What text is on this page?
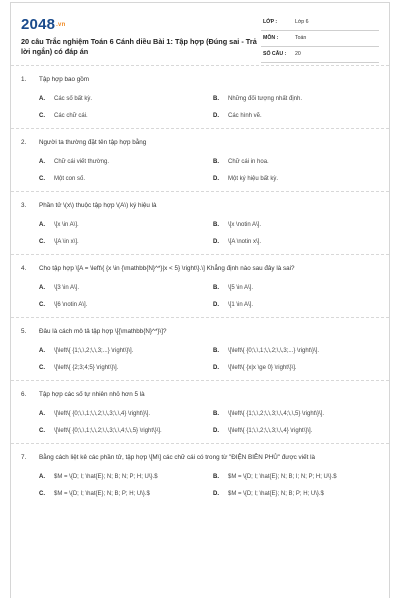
$2048^{.vn}$
20 câu Trắc nghiệm Toán 6 Cánh diều Bài 1: Tập hợp (Đúng sai - Trả lời ngắn) có đáp án
LỚP :	Lớp 6
MÔN :	Toán
SỐ CÂU : 20
1. Tập hợp bao gồm
A. Các số bất kỳ.	B. Những đối tượng nhất định.
C. Các chữ cái.	D. Các hình vẽ.
2. Người ta thường đặt tên tập hợp bằng
A. Chữ cái viết thường.	B. Chữ cái in hoa.
C. Một con số.	D. Một ký hiệu bất kỳ.
3. Phần tử \(x\) thuộc tập hợp \(A\) ký hiệu là
A. \[x \in A\].	B. \[x \notin A\].
C. \[A \in x\].	D. \[A \notin x\].
4. Cho tập hợp \[A = \left\{ {x \in {\mathbb{N}^*}|x < 5} \right\}.\] Khẳng định nào sau đây là sai?
A. \[3 \in A\].	B. \[5 \in A\].
C. \[6 \notin A\].	D. \[1 \in A\].
5. Đâu là cách mô tả tập hợp \[{\mathbb{N}^*}\]?
A. \[\left\{ {1;\,\,2;\,\,3;...} \right\}\].	B. \[\left\{ {0;\,\,1;\,\,2;\,\,3;...} \right\}\].
C. \[\left\{ {2;3;4;5} \right\}\].	D. \[\left\{ {x|x \ge 0} \right\}\].
6. Tập hợp các số tự nhiên nhỏ hơn 5 là
A. \[\left\{ {0;\,\,1;\,\,2;\,\,3;\,\,4} \right\}\].	B. \[\left\{ {1;\,\,2;\,\,3;\,\,4;\,\,5} \right\}\].
C. \[\left\{ {0;\,\,1;\,\,2;\,\,3;\,\,4;\,\,5} \right\}\].	D. \[\left\{ {1;\,\,2;\,\,3;\,\,4} \right\}\].
7. Bằng cách liệt kê các phần tử, tập hợp \[M\] các chữ cái có trong từ "ĐIỆN BIÊN PHỦ" được viết là
A. $M = \{D; I; \hat{E}; N; B; N; P; H; U\}.$	B. $M = \{D; I; \hat{E}; N; B; I; N; P; H; U\}.$
C. $M = \{D; I; \hat{E}; N; B; P; H; U\}.$	D. $M = \{D; I; \hat{E}; N; B; P; H; U\}.$
